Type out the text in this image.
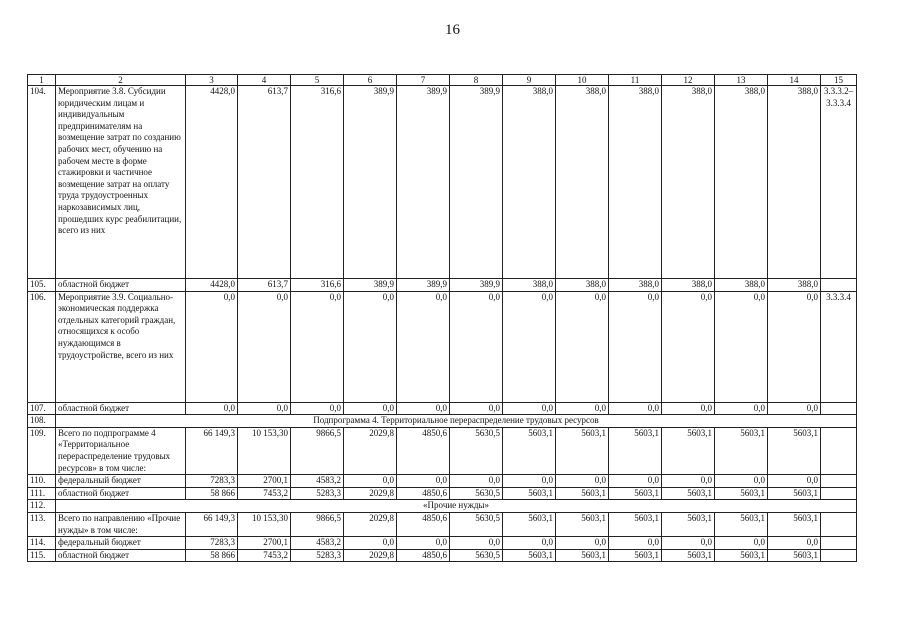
16
1	2	3	4	5	6	7	8	9	10	11	12	13	14	15
104.	Мероприятие 3.8. Субсидии юридическим лицам и индивидуальным предпринимателям на возмещение затрат по созданию рабочих мест, обучению на рабочем месте в форме стажировки и частичное возмещение затрат на оплату труда трудоустроенных наркозависимых лиц, прошедших курс реабилитации, всего из них	4428,0	613,7	316,6	389,9	389,9	389,9	388,0	388,0	388,0	388,0	388,0	388,0	3.3.3.2–3.3.3.4
105.	областной бюджет	4428,0	613,7	316,6	389,9	389,9	389,9	388,0	388,0	388,0	388,0	388,0	388,0	
106.	Мероприятие 3.9. Социально-экономическая поддержка отдельных категорий граждан, относящихся к особо нуждающимся в трудоустройстве, всего из них	0,0	0,0	0,0	0,0	0,0	0,0	0,0	0,0	0,0	0,0	0,0	0,0	3.3.3.4
107.	областной бюджет	0,0	0,0	0,0	0,0	0,0	0,0	0,0	0,0	0,0	0,0	0,0	0,0	
108.	Подпрограмма 4. Территориальное перераспределение трудовых ресурсов													
109.	Всего по подпрограмме 4 «Территориальное перераспределение трудовых ресурсов» в том числе:	66 149,3	10 153,30	9866,5	2029,8	4850,6	5630,5	5603,1	5603,1	5603,1	5603,1	5603,1	5603,1	
110.	федеральный бюджет	7283,3	2700,1	4583,2	0,0	0,0	0,0	0,0	0,0	0,0	0,0	0,0	0,0	
111.	областной бюджет	58 866	7453,2	5283,3	2029,8	4850,6	5630,5	5603,1	5603,1	5603,1	5603,1	5603,1	5603,1	
112.	«Прочие нужды»													
113.	Всего по направлению «Прочие нужды» в том числе:	66 149,3	10 153,30	9866,5	2029,8	4850,6	5630,5	5603,1	5603,1	5603,1	5603,1	5603,1	5603,1	
114.	федеральный бюджет	7283,3	2700,1	4583,2	0,0	0,0	0,0	0,0	0,0	0,0	0,0	0,0	0,0	
115.	областной бюджет	58 866	7453,2	5283,3	2029,8	4850,6	5630,5	5603,1	5603,1	5603,1	5603,1	5603,1	5603,1	
